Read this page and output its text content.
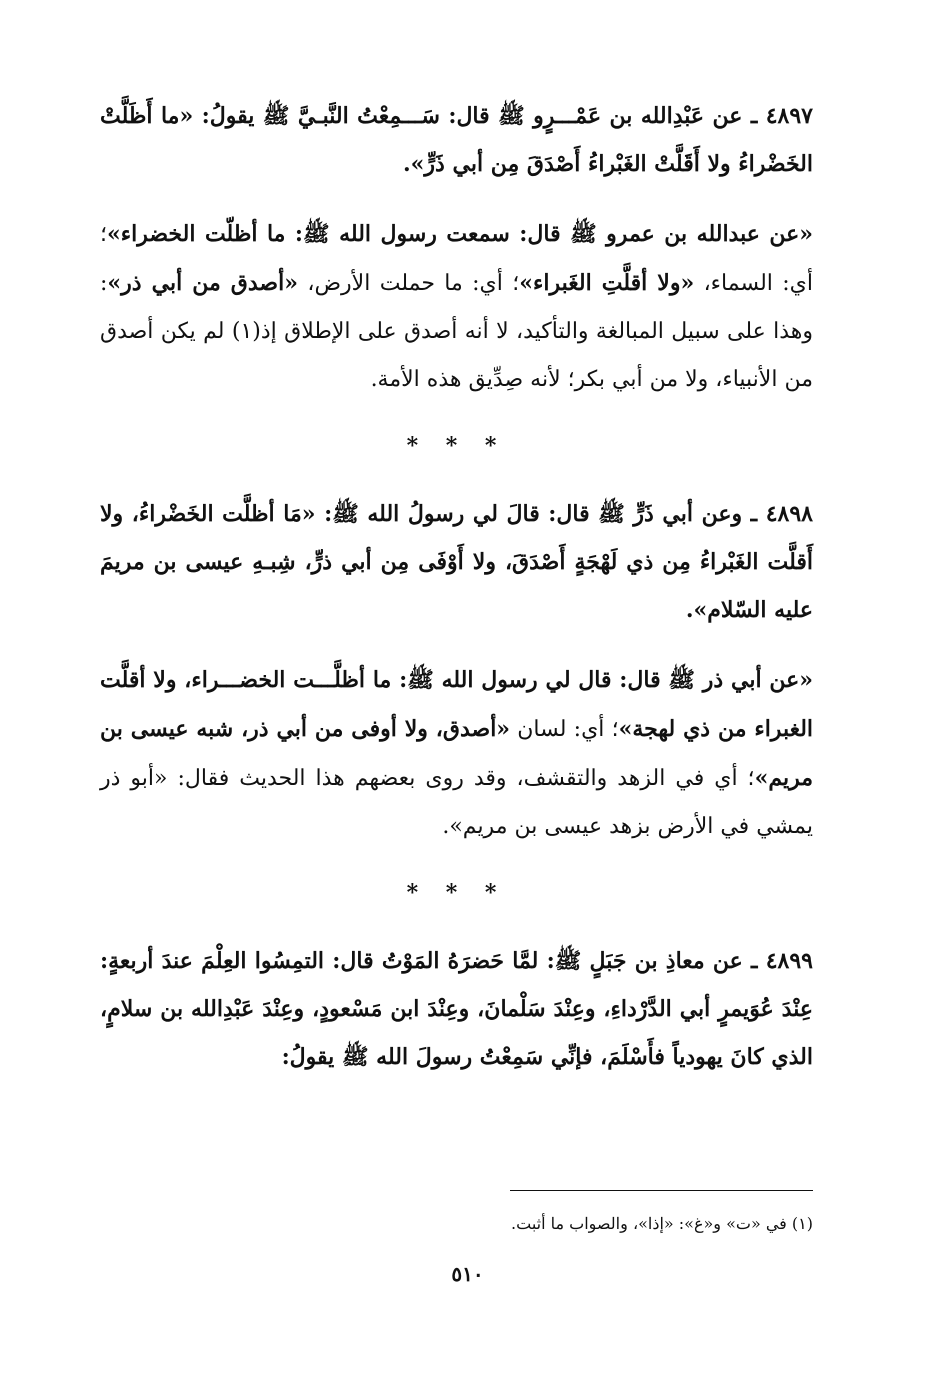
٤٨٩٧ ـ عن عَبْدِالله بن عَمْـــرٍو ﷺ قال: سَـــمِعْتُ النَّبـيَّ ﷺ يقولُ: «ما أَظَلَّتْ الخَضْراءُ ولا أَقَلَّتْ الغَبْراءُ أَصْدَقَ مِن أبي ذَرٍّ».

«عن عبدالله بن عمرو ﷺ قال: سمعت رسول الله ﷺ: ما أظلّت الخضراء»؛ أي: السماء، «ولا أقلَّتِ الغَبراء»؛ أي: ما حملت الأرض، «أصدق من أبي ذر»: وهذا على سبيل المبالغة والتأكيد، لا أنه أصدق على الإطلاق إذ(١) لم يكن أصدق من الأنبياء، ولا من أبي بكر؛ لأنه صِدِّيق هذه الأمة.

* * *

٤٨٩٨ ـ وعن أبي ذَرٍّ ﷺ قال: قالَ لي رسولُ الله ﷺ: «مَا أظلَّت الخَضْراءُ، ولا أَقلَّت الغَبْراءُ مِن ذي لَهْجَةٍ أَصْدَقَ، ولا أَوْفَى مِن أبي ذرٍّ، شِبـهِ عيسى بن مريمَ عليه السّلام».

«عن أبي ذر ﷺ قال: قال لي رسول الله ﷺ: ما أظلَّـــت الخضـــراء، ولا أقلَّت الغبراء من ذي لهجة»؛ أي: لسان «أصدق، ولا أوفى من أبي ذر، شبه عيسى بن مريم»؛ أي في الزهد والتقشف، وقد روى بعضهم هذا الحديث فقال: «أبو ذر يمشي في الأرض بزهد عيسى بن مريم».

* * *

٤٨٩٩ ـ عن معاذِ بن جَبَلٍ ﷺ: لمَّا حَضرَهُ المَوْتُ قال: التمِسُوا العِلْمَ عندَ أربعةٍ: عِنْدَ عُوَيمرٍ أبي الدَّرْداءِ، وعِنْدَ سَلْمانَ، وعِنْدَ ابن مَسْعودٍ، وعِنْدَ عَبْدِالله بن سلامٍ، الذي كانَ يهودياً فأَسْلَمَ، فإنِّي سَمِعْتُ رسولَ الله ﷺ يقولُ:

(١) في «ت» و«غ»: «إذا»، والصواب ما أثبت.
٥١٠
